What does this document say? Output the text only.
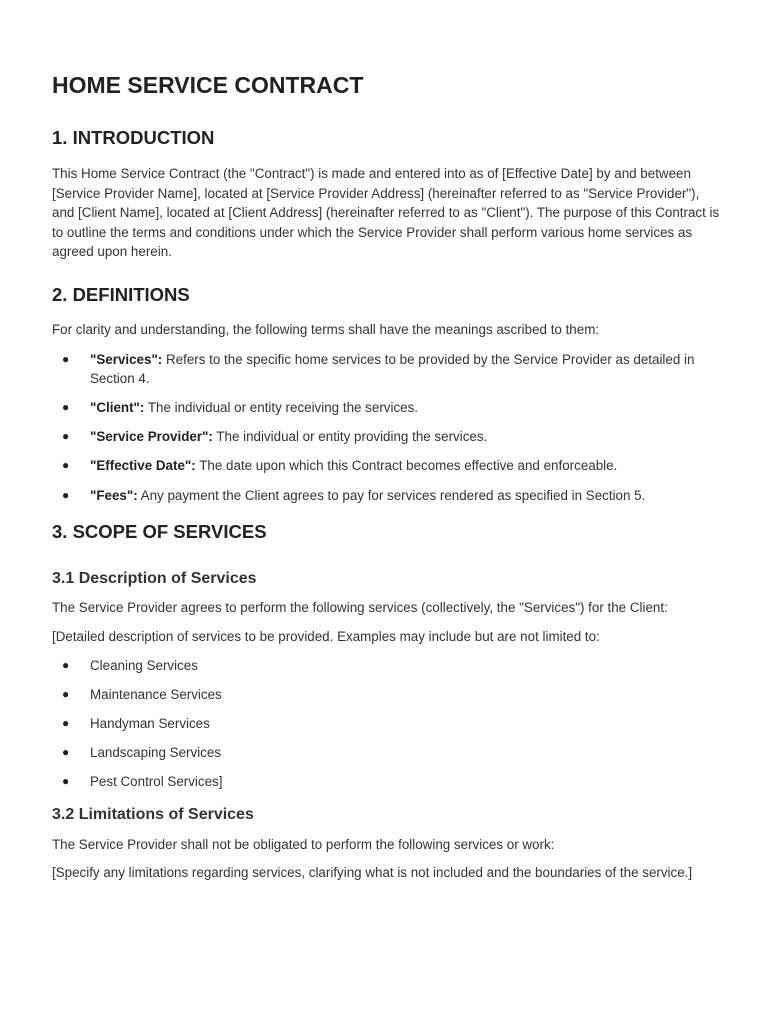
HOME SERVICE CONTRACT
1. INTRODUCTION

This Home Service Contract (the "Contract") is made and entered into as of [Effective Date] by and between [Service Provider Name], located at [Service Provider Address] (hereinafter referred to as "Service Provider"), and [Client Name], located at [Client Address] (hereinafter referred to as "Client"). The purpose of this Contract is to outline the terms and conditions under which the Service Provider shall perform various home services as agreed upon herein.

2. DEFINITIONS

For clarity and understanding, the following terms shall have the meanings ascribed to them:

● "Services": Refers to the specific home services to be provided by the Service Provider as detailed in Section 4.
● "Client": The individual or entity receiving the services.
● "Service Provider": The individual or entity providing the services.
● "Effective Date": The date upon which this Contract becomes effective and enforceable.
● "Fees": Any payment the Client agrees to pay for services rendered as specified in Section 5.
3. SCOPE OF SERVICES
3.1 Description of Services

The Service Provider agrees to perform the following services (collectively, the "Services") for the Client:

[Detailed description of services to be provided. Examples may include but are not limited to:

● Cleaning Services
● Maintenance Services
● Handyman Services
● Landscaping Services
● Pest Control Services]
3.2 Limitations of Services

The Service Provider shall not be obligated to perform the following services or work:

[Specify any limitations regarding services, clarifying what is not included and the boundaries of the service.]
